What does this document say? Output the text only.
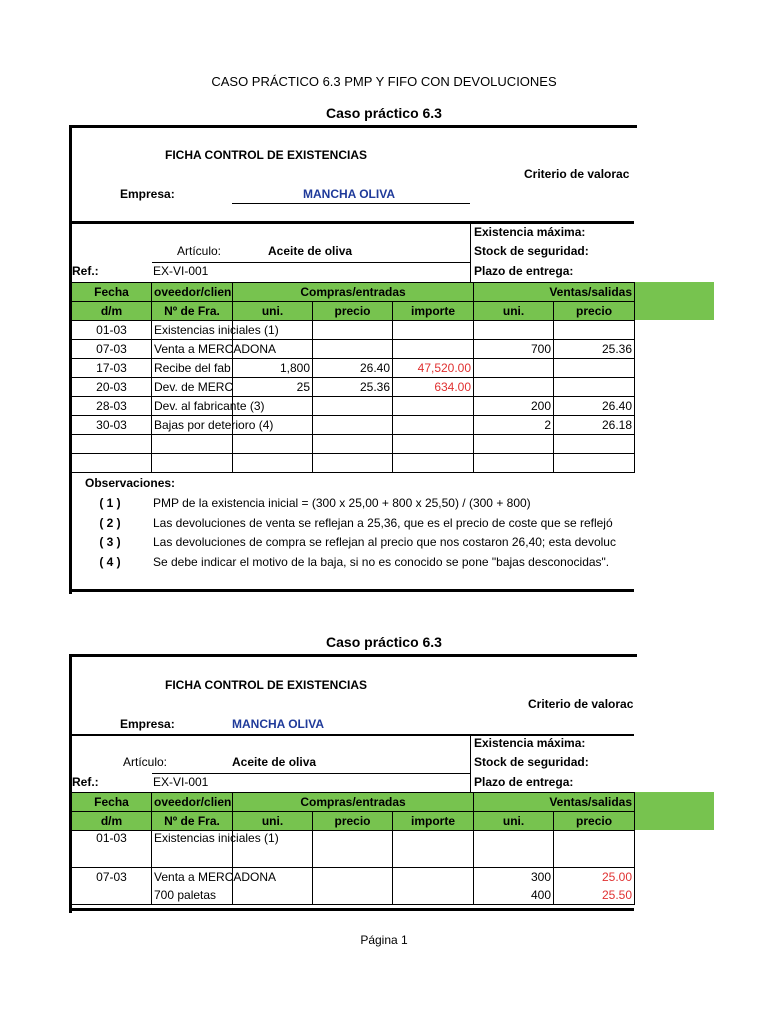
CASO PRÁCTICO 6.3 PMP Y FIFO CON DEVOLUCIONES
Caso práctico 6.3
FICHA CONTROL DE EXISTENCIAS
Criterio de valorac
Empresa:	MANCHA OLIVA
Existencia máxima:
Stock de seguridad:
Plazo de entrega:
Artículo:	Aceite de oliva
Ref.:	EX-VI-001
Fecha	oveedor/clien	Compras/entradas			Ventas/salidas	
d/m	Nº de Fra.	uni.	precio	importe	uni.	precio
01-03	Existencias iniciales (1)					
07-03	Venta a MERCADONA				700	25.36
17-03	Recibe del fab	1,800	26.40	47,520.00		
20-03	Dev. de MERC	25	25.36	634.00		
28-03	Dev. al fabricante (3)				200	26.40
30-03	Bajas por deterioro (4)				2	26.18

Observaciones:
( 1 )	PMP de la existencia inicial = (300 x 25,00 + 800 x 25,50) / (300 + 800)
( 2 )	Las devoluciones de venta se reflejan a 25,36, que es el precio de coste que se reflejó
( 3 )	Las devoluciones de compra se reflejan al precio que nos costaron 26,40; esta devoluc
( 4 )	Se debe indicar el motivo de la baja, si no es conocido se pone "bajas desconocidas".
Caso práctico 6.3
FICHA CONTROL DE EXISTENCIAS
Criterio de valorac
Empresa:	MANCHA OLIVA
Existencia máxima:
Stock de seguridad:
Plazo de entrega:
Artículo:	Aceite de oliva
Ref.:	EX-VI-001
Fecha	oveedor/clien	Compras/entradas			Ventas/salidas	
d/m	Nº de Fra.	uni.	precio	importe	uni.	precio
01-03	Existencias iniciales (1)					
07-03	Venta a MERCADONA				300	25.00
	700 paletas				400	25.50
Página 1
